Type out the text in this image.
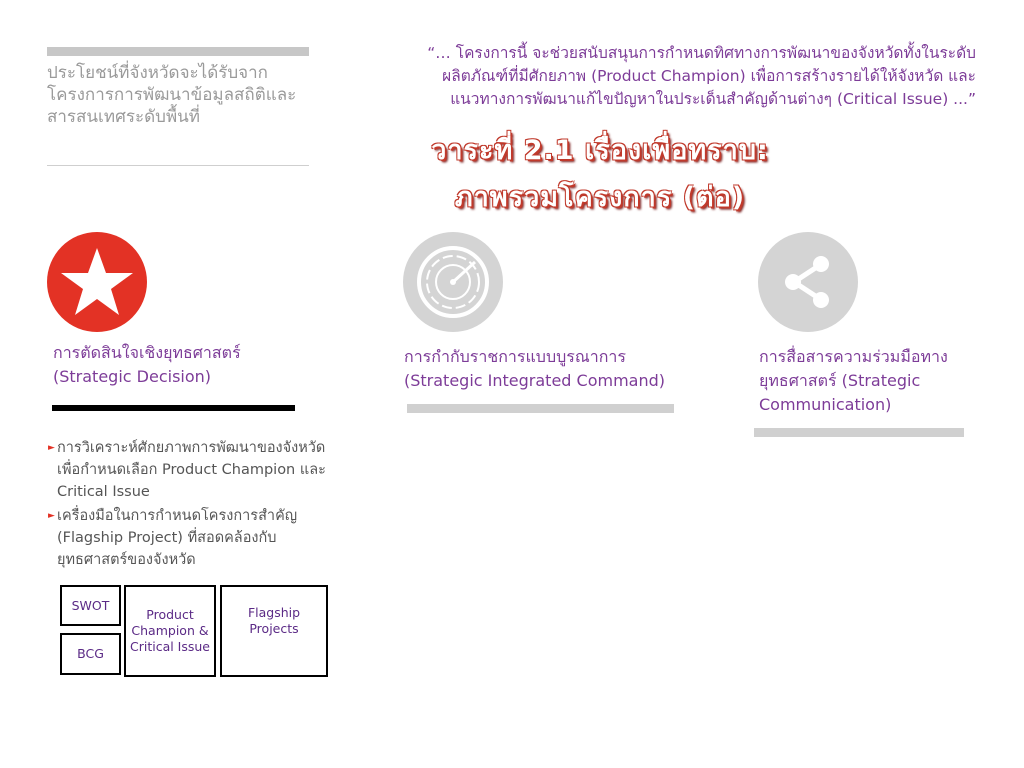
ประโยชน์ที่จังหวัดจะได้รับจากโครงการการพัฒนาข้อมูลสถิติและสารสนเทศระดับพื้นที่
“… โครงการนี้ จะช่วยสนับสนุนการกำหนดทิศทางการพัฒนาของจังหวัดทั้งในระดับผลิตภัณฑ์ที่มีศักยภาพ (Product Champion) เพื่อการสร้างรายได้ให้จังหวัด และแนวทางการพัฒนาแก้ไขปัญหาในประเด็นสำคัญด้านต่างๆ (Critical Issue) ...”
วาระที่ 2.1 เรื่องเพื่อทราบ:
ภาพรวมโครงการ (ต่อ)
การตัดสินใจเชิงยุทธศาสตร์ (Strategic Decision)
การกำกับราชการแบบบูรณาการ (Strategic Integrated Command)
การสื่อสารความร่วมมือทางยุทธศาสตร์ (Strategic Communication)
► การวิเคราะห์ศักยภาพการพัฒนาของจังหวัด เพื่อกำหนดเลือก Product Champion และ Critical Issue
► เครื่องมือในการกำหนดโครงการสำคัญ (Flagship Project) ที่สอดคล้องกับยุทธศาสตร์ของจังหวัด
SWOT
BCG
Product Champion & Critical Issue
Flagship Projects
